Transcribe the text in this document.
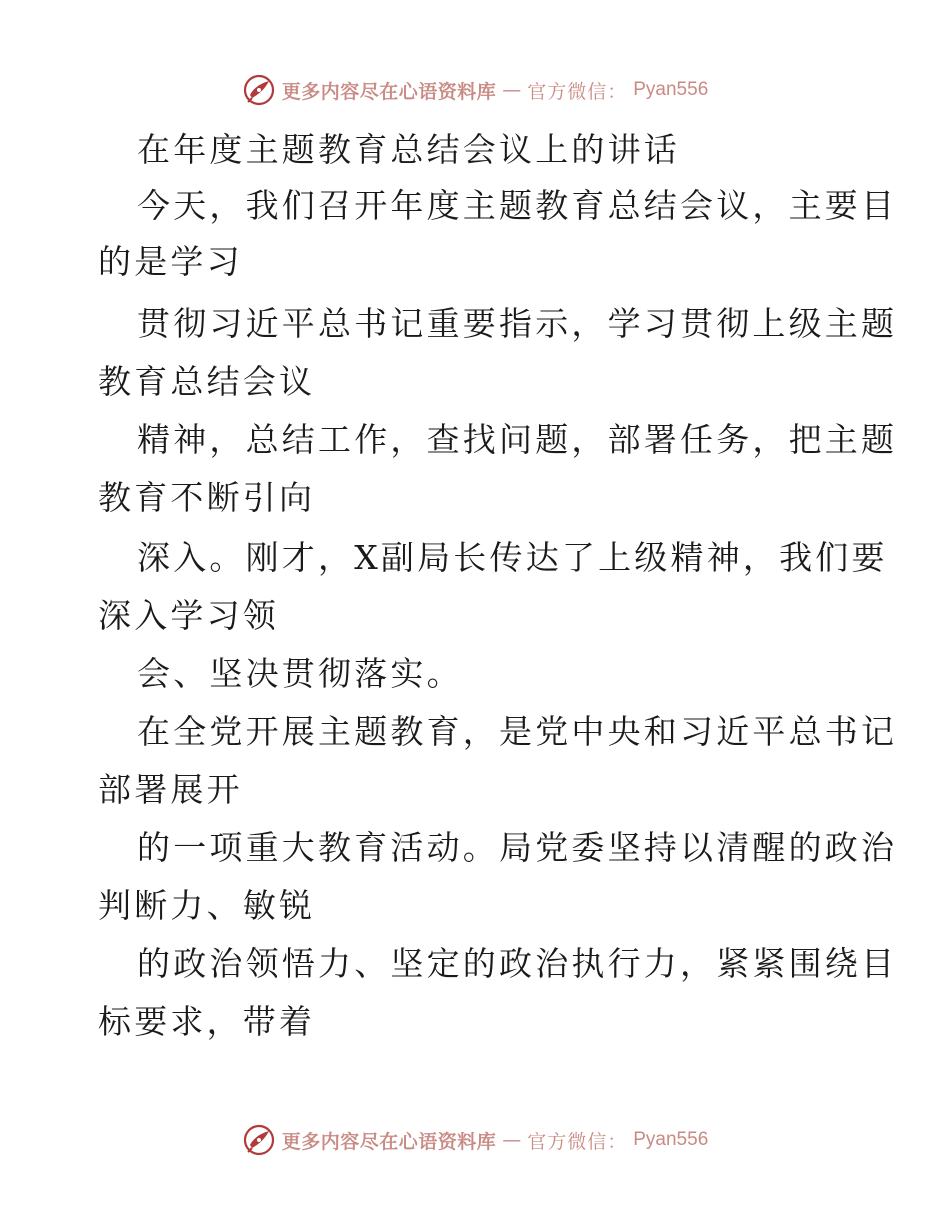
更多内容尽在心语资料库 — 官方微信： Pyan556
在年度主题教育总结会议上的讲话
今天，我们召开年度主题教育总结会议，主要目
的是学习
贯彻习近平总书记重要指示，学习贯彻上级主题
教育总结会议
精神，总结工作，查找问题，部署任务，把主题
教育不断引向
深入。刚才，X副局长传达了上级精神，我们要
深入学习领
会、坚决贯彻落实。
在全党开展主题教育，是党中央和习近平总书记
部署展开
的一项重大教育活动。局党委坚持以清醒的政治
判断力、敏锐
的政治领悟力、坚定的政治执行力，紧紧围绕目
标要求，带着
更多内容尽在心语资料库 — 官方微信： Pyan556
